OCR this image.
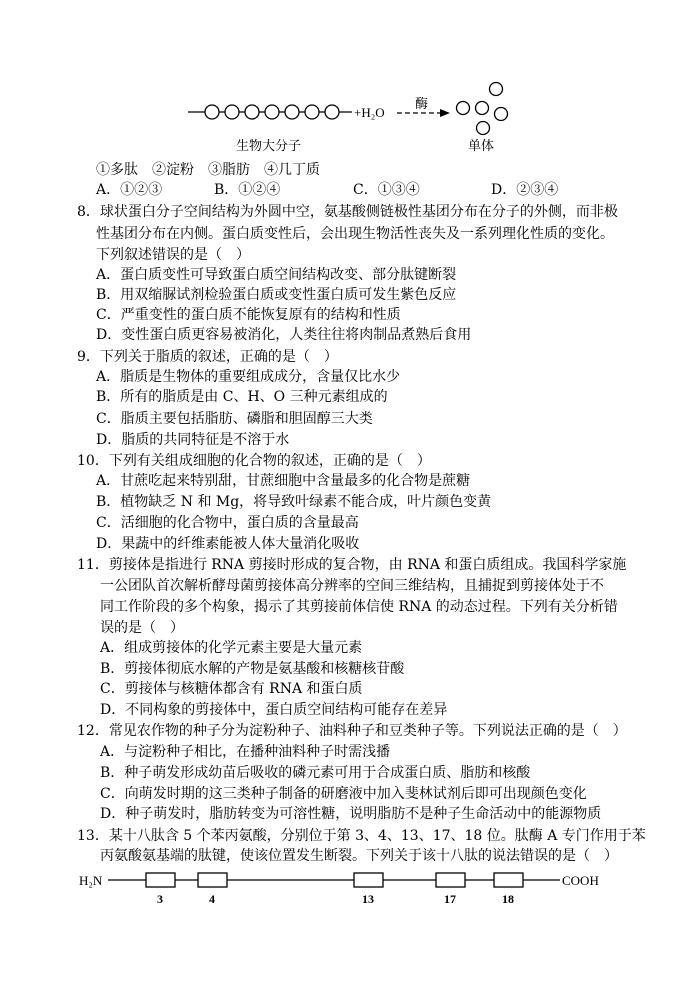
+H₂O
酶
生物大分子	单体
①多肽　②淀粉　③脂肪　④几丁质
A．①②③	B．①②④	C．①③④	D．②③④
8．球状蛋白分子空间结构为外圆中空，氨基酸侧链极性基团分布在分子的外侧，而非极
性基团分布在内侧。蛋白质变性后，会出现生物活性丧失及一系列理化性质的变化。
下列叙述错误的是（　）
A．蛋白质变性可导致蛋白质空间结构改变、部分肽键断裂
B．用双缩脲试剂检验蛋白质或变性蛋白质可发生紫色反应
C．严重变性的蛋白质不能恢复原有的结构和性质
D．变性蛋白质更容易被消化，人类往往将肉制品煮熟后食用
9．下列关于脂质的叙述，正确的是（　）
A．脂质是生物体的重要组成成分，含量仅比水少
B．所有的脂质是由 C、H、O 三种元素组成的
C．脂质主要包括脂肪、磷脂和胆固醇三大类
D．脂质的共同特征是不溶于水
10．下列有关组成细胞的化合物的叙述，正确的是（　）
A．甘蔗吃起来特别甜，甘蔗细胞中含量最多的化合物是蔗糖
B．植物缺乏 N 和 Mg，将导致叶绿素不能合成，叶片颜色变黄
C．活细胞的化合物中，蛋白质的含量最高
D．果蔬中的纤维素能被人体大量消化吸收
11．剪接体是指进行 RNA 剪接时形成的复合物，由 RNA 和蛋白质组成。我国科学家施
一公团队首次解析酵母菌剪接体高分辨率的空间三维结构，且捕捉到剪接体处于不
同工作阶段的多个构象，揭示了其剪接前体信使 RNA 的动态过程。下列有关分析错
误的是（　）
A．组成剪接体的化学元素主要是大量元素
B．剪接体彻底水解的产物是氨基酸和核糖核苷酸
C．剪接体与核糖体都含有 RNA 和蛋白质
D．不同构象的剪接体中，蛋白质空间结构可能存在差异
12．常见农作物的种子分为淀粉种子、油料种子和豆类种子等。下列说法正确的是（　）
A．与淀粉种子相比，在播种油料种子时需浅播
B．种子萌发形成幼苗后吸收的磷元素可用于合成蛋白质、脂肪和核酸
C．向萌发时期的这三类种子制备的研磨液中加入斐林试剂后即可出现颜色变化
D．种子萌发时，脂肪转变为可溶性糖，说明脂肪不是种子生命活动中的能源物质
13．某十八肽含 5 个苯丙氨酸，分别位于第 3、4、13、17、18 位。肽酶 A 专门作用于苯
丙氨酸氨基端的肽键，使该位置发生断裂。下列关于该十八肽的说法错误的是（　）
H₂N	COOH
3	4	13	17	18
